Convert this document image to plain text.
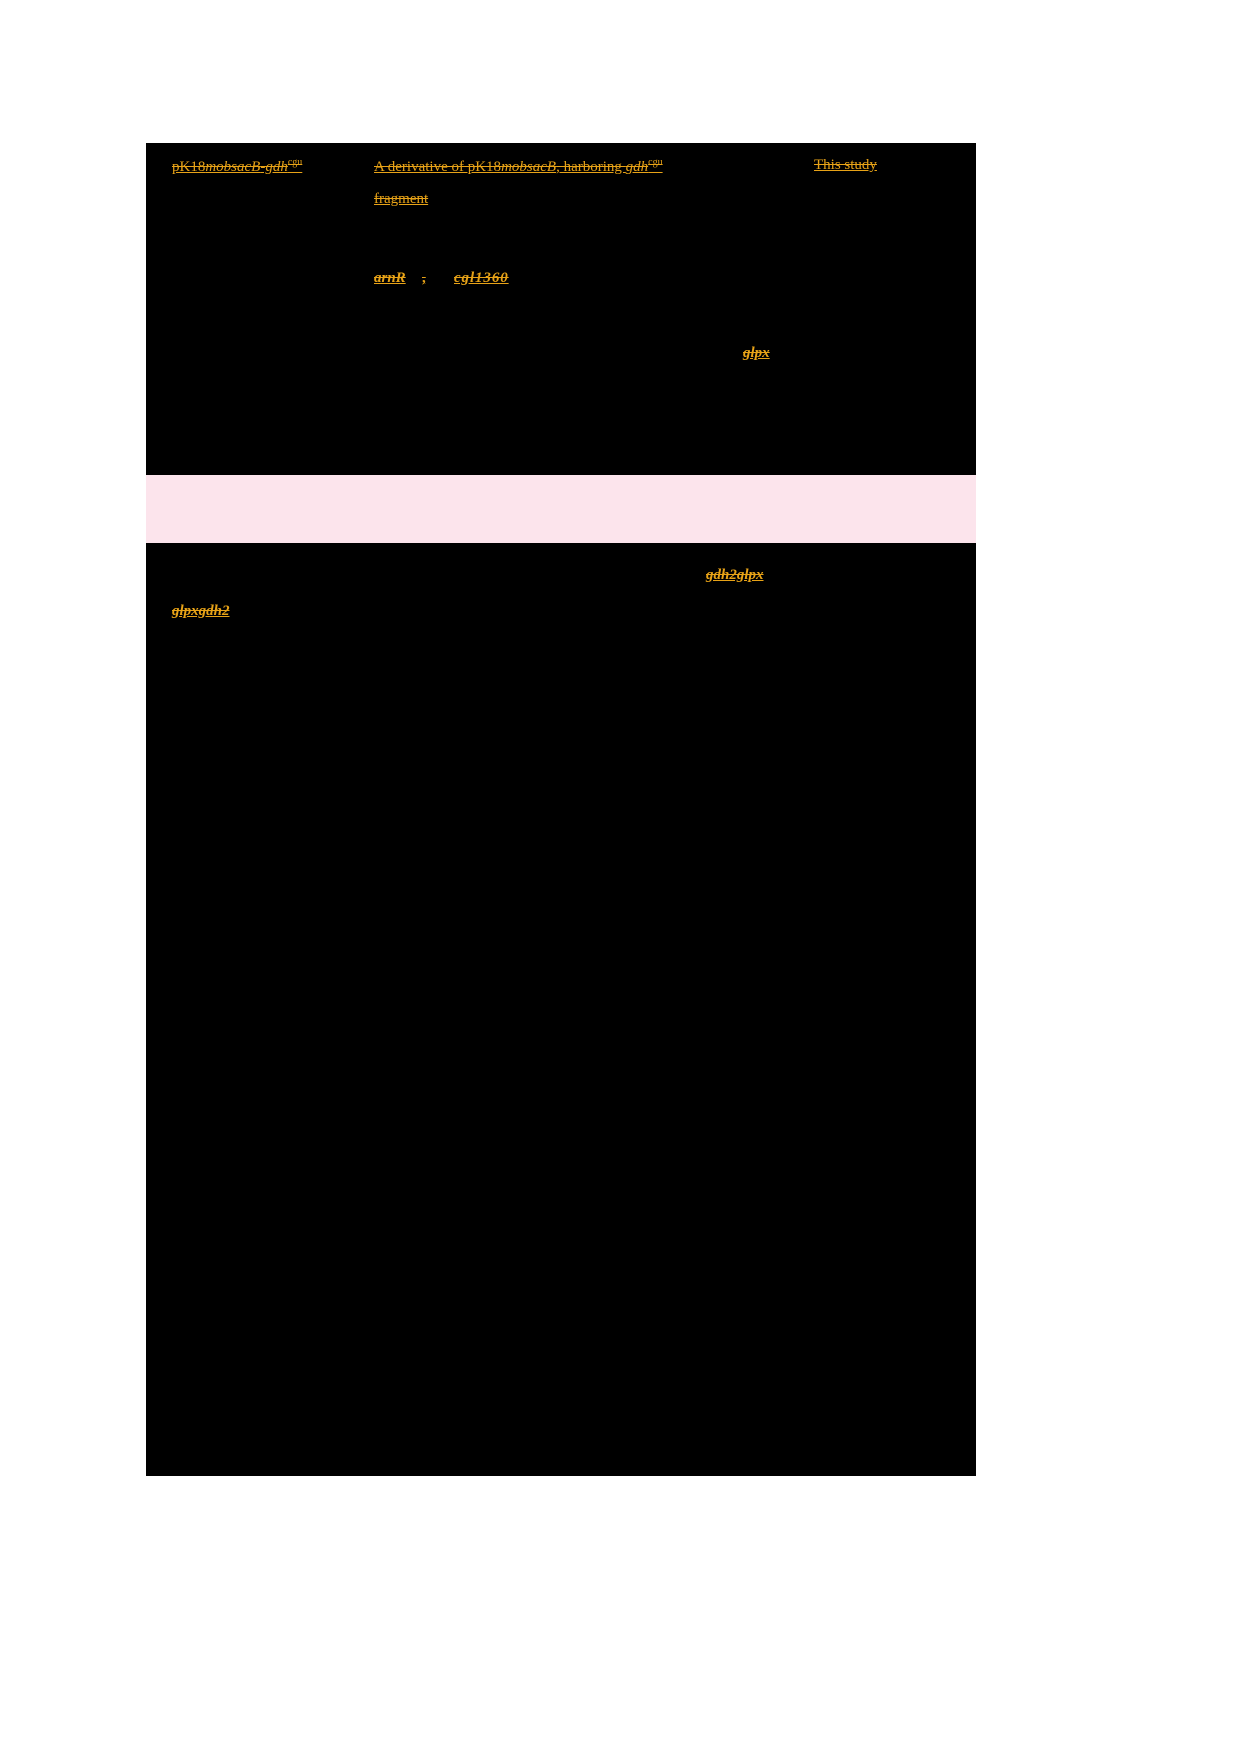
arnR , cgl1360
glpx
gdh2glpx
glpxgdh2
pK18mobsacB-gdh$^{cgu}$	A derivative of pK18mobsacB, harboring gdh$^{cgu}$
fragment
This study
